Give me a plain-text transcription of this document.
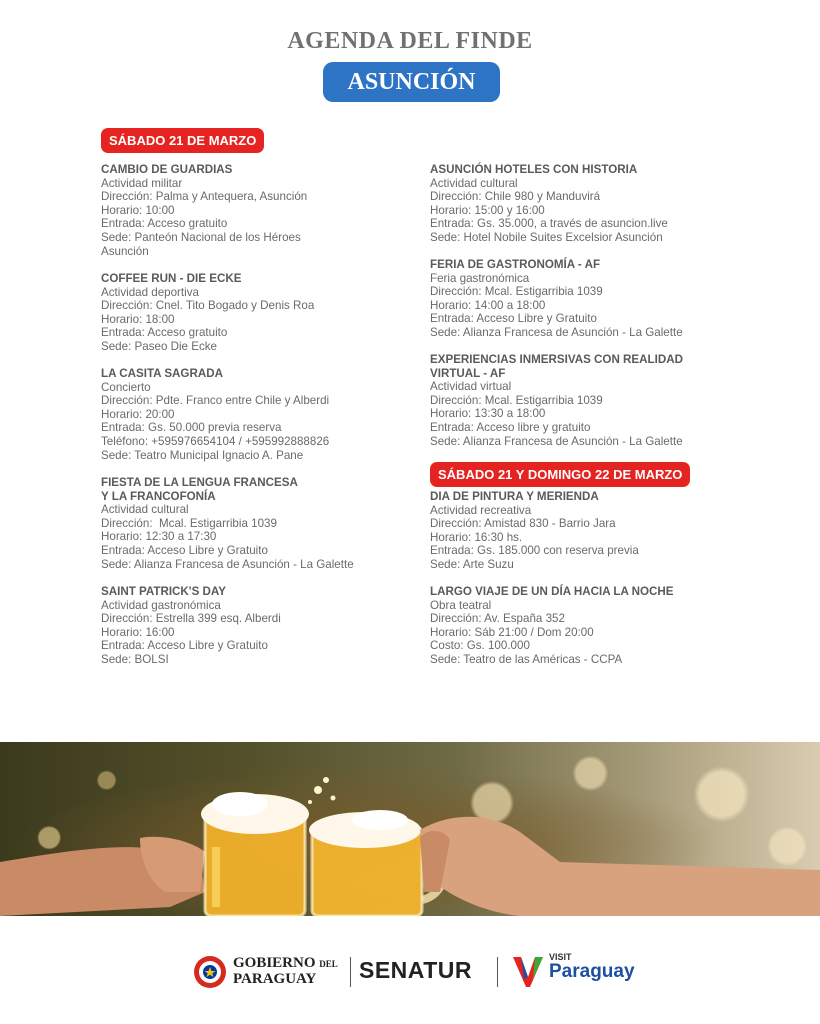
AGENDA DEL FINDE
ASUNCIÓN
SÁBADO 21 DE MARZO
SÁBADO 21 Y DOMINGO 22 DE MARZO
CAMBIO DE GUARDIAS
Actividad militar
Dirección: Palma y Antequera, Asunción
Horario: 10:00
Entrada: Acceso gratuito
Sede: Panteón Nacional de los Héroes
Asunción
COFFEE RUN - DIE ECKE
Actividad deportiva
Dirección: Cnel. Tito Bogado y Denis Roa
Horario: 18:00
Entrada: Acceso gratuito
Sede: Paseo Die Ecke
LA CASITA SAGRADA
Concierto
Dirección: Pdte. Franco entre Chile y Alberdi
Horario: 20:00
Entrada: Gs. 50.000 previa reserva
Teléfono: +595976654104 / +595992888826
Sede: Teatro Municipal Ignacio A. Pane
FIESTA DE LA LENGUA FRANCESA
Y LA FRANCOFONÍA
Actividad cultural
Dirección:  Mcal. Estigarribia 1039
Horario: 12:30 a 17:30
Entrada: Acceso Libre y Gratuito
Sede: Alianza Francesa de Asunción - La Galette
SAINT PATRICK'S DAY
Actividad gastronómica
Dirección: Estrella 399 esq. Alberdi
Horario: 16:00
Entrada: Acceso Libre y Gratuito
Sede: BOLSI
ASUNCIÓN HOTELES CON HISTORIA
Actividad cultural
Dirección: Chile 980 y Manduvirá
Horario: 15:00 y 16:00
Entrada: Gs. 35.000, a través de asuncion.live
Sede: Hotel Nobile Suites Excelsior Asunción
FERIA DE GASTRONOMÍA - AF
Feria gastronómica
Dirección: Mcal. Estigarribia 1039
Horario: 14:00 a 18:00
Entrada: Acceso Libre y Gratuito
Sede: Alianza Francesa de Asunción - La Galette
EXPERIENCIAS INMERSIVAS CON REALIDAD
VIRTUAL - AF
Actividad virtual
Dirección: Mcal. Estigarribia 1039
Horario: 13:30 a 18:00
Entrada: Acceso libre y gratuito
Sede: Alianza Francesa de Asunción - La Galette
DIA DE PINTURA Y MERIENDA
Actividad recreativa
Dirección: Amistad 830 - Barrio Jara
Horario: 16:30 hs.
Entrada: Gs. 185.000 con reserva previa
Sede: Arte Suzu
LARGO VIAJE DE UN DÍA HACIA LA NOCHE
Obra teatral
Dirección: Av. España 352
Horario: Sáb 21:00 / Dom 20:00
Costo: Gs. 100.000
Sede: Teatro de las Américas - CCPA
GOBIERNO DEL
PARAGUAY	SENATUR	VISIT
Paraguay
